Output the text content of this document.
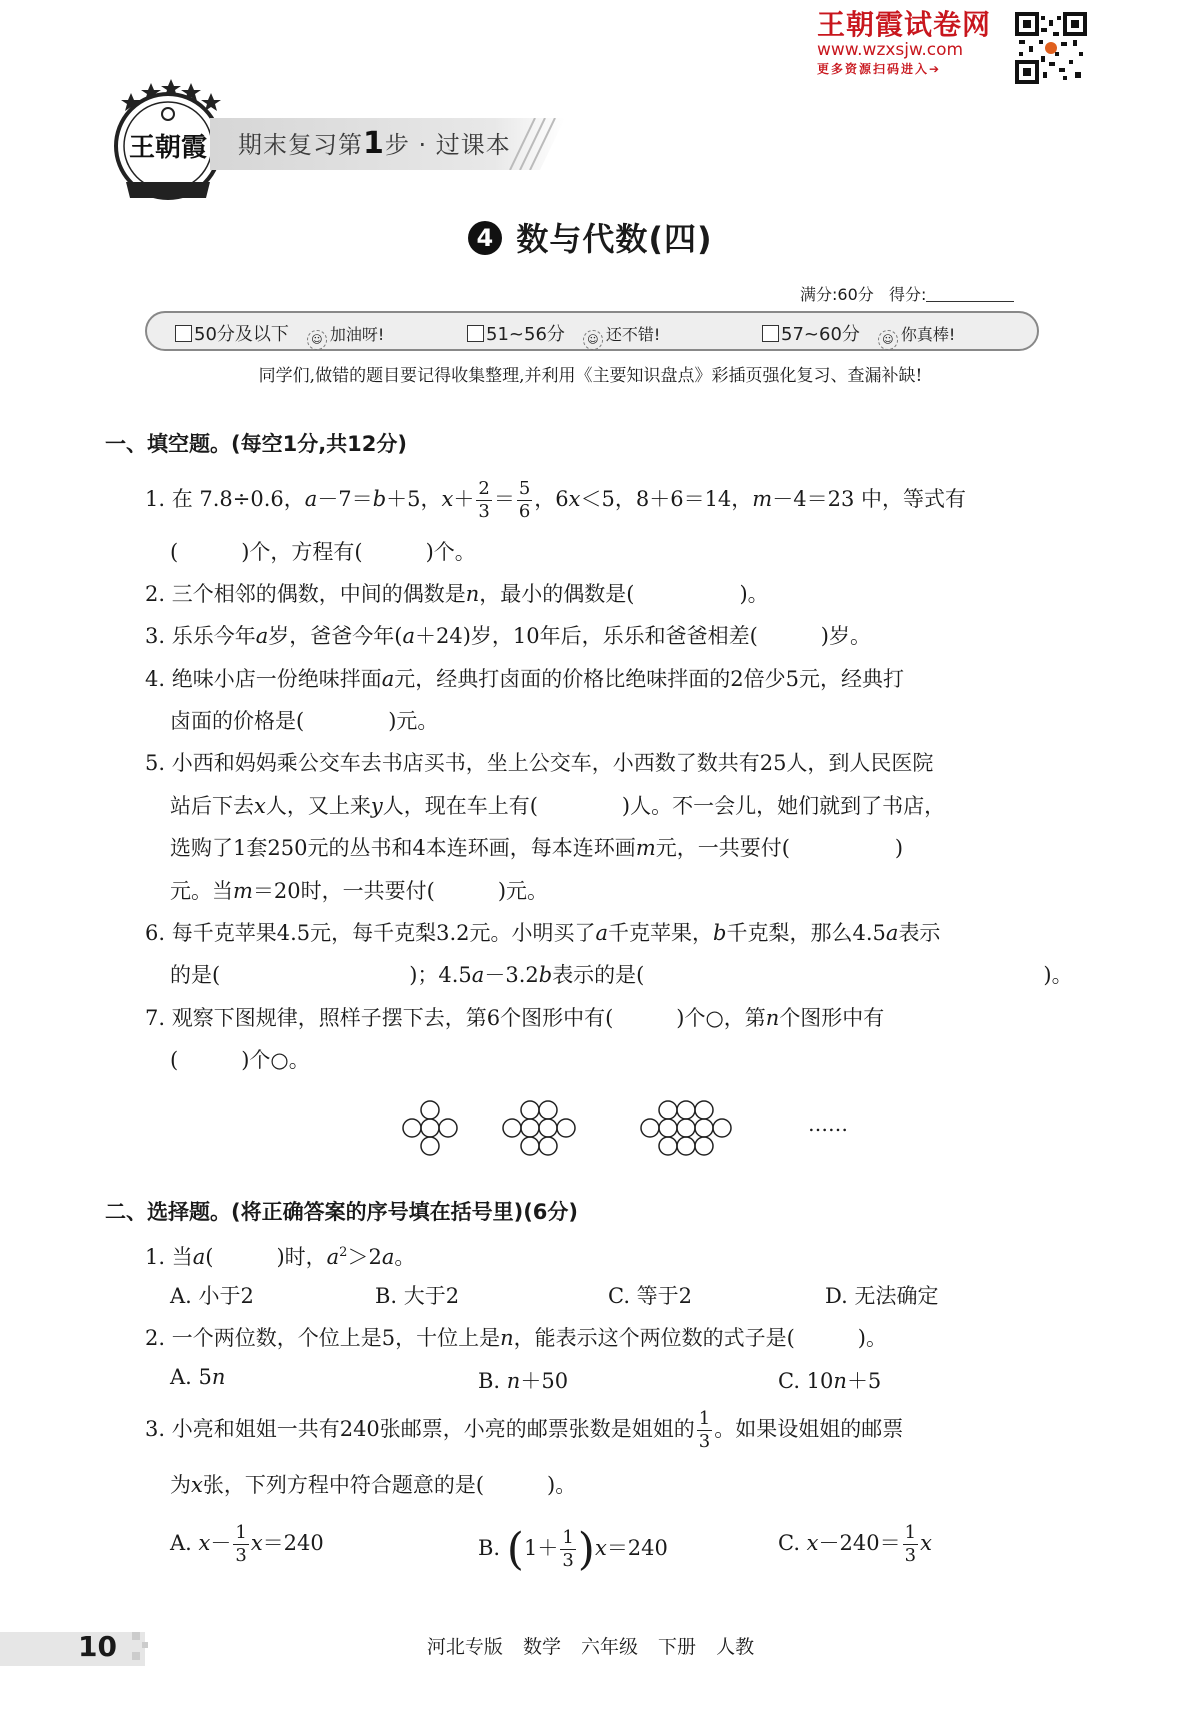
王朝霞试卷网
www.wzxsjw.com
更多资源扫码进入➔
王朝霞 期末复习第1步 · 过课本
4 数与代数(四)
满分:60分 得分:
50分及以下 ☺ 加油呀!	51~56分 ☺ 还不错!	57~60分 ☺ 你真棒!
同学们,做错的题目要记得收集整理,并利用《主要知识盘点》彩插页强化复习、查漏补缺!
一、填空题。(每空1分,共12分)
1. 在 7.8÷0.6，a－7＝b＋5，$x+ \frac{2}{3} = \frac{5}{6}$ ，6x＜5，8＋6＝14，m－4＝23 中，等式有
(　　　)个，方程有(　　　)个。
2. 三个相邻的偶数，中间的偶数是n，最小的偶数是(　　　　　)。
3. 乐乐今年a岁，爸爸今年(a＋24)岁，10年后，乐乐和爸爸相差(　　　)岁。
4. 绝味小店一份绝味拌面a元，经典打卤面的价格比绝味拌面的2倍少5元，经典打
卤面的价格是(　　　　)元。
5. 小西和妈妈乘公交车去书店买书，坐上公交车，小西数了数共有25人，到人民医院
站后下去x人，又上来y人，现在车上有(　　　　)人。不一会儿，她们就到了书店，
选购了1套250元的丛书和4本连环画，每本连环画m元，一共要付(　　　　　)
元。当m＝20时，一共要付(　　　)元。
6. 每千克苹果4.5元，每千克梨3.2元。小明买了a千克苹果，b千克梨，那么4.5a表示
的是(　　　　　　　　　)；4.5a－3.2b表示的是(　　　　　　　　　　　　　　　　　　　)。
7. 观察下图规律，照样子摆下去，第6个图形中有(　　　)个○，第n个图形中有
(　　　)个○。
……
二、选择题。(将正确答案的序号填在括号里)(6分)
1. 当a(　　　)时，$a^2>2a$。
A. 小于2	B. 大于2	C. 等于2	D. 无法确定
2. 一个两位数，个位上是5，十位上是n，能表示这个两位数的式子是(　　　)。
A. 5n	B. n＋50	C. 10n＋5
3. 小亮和姐姐一共有240张邮票，小亮的邮票张数是姐姐的 $\frac{1}{3}$ 。如果设姐姐的邮票
为x张，下列方程中符合题意的是(　　　)。
A. $x- \frac{1}{3} x=240$	B. $(1+ \frac{1}{3} )x=240$	C. $x-240= \frac{1}{3}$ x
10	河北专版 数学 六年级 下册 人教
